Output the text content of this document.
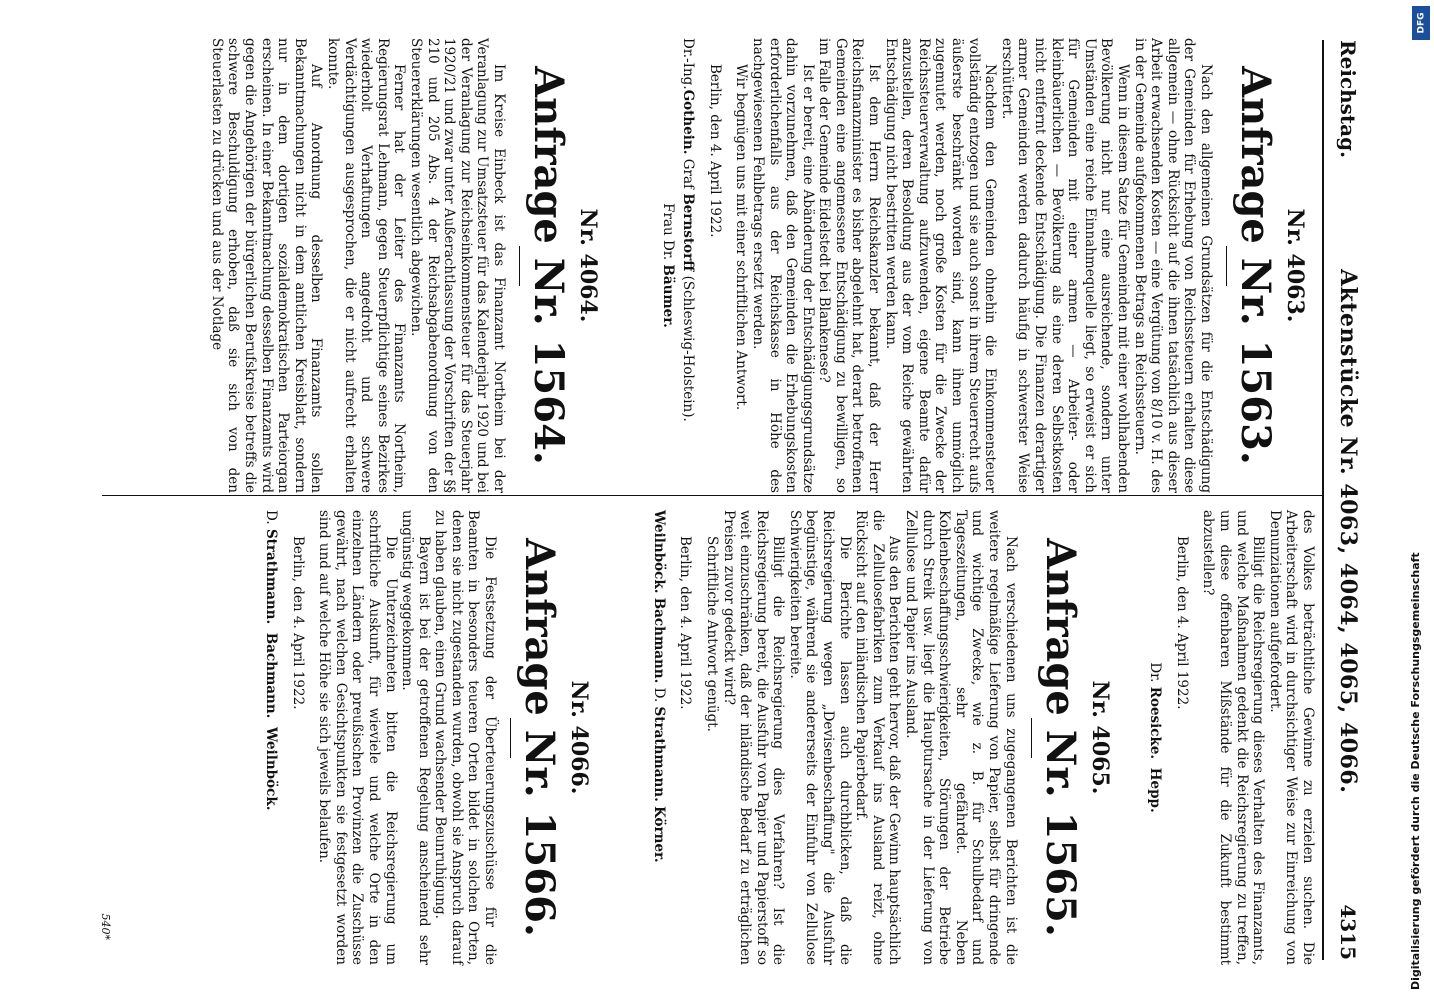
Reichstag.
Aktenstücke Nr. 4063, 4064, 4065, 4066.
4315
Nr. 4063.
Anfrage Nr. 1563.

Nach den allgemeinen Grundsätzen für die Entschädigung der Gemeinden für Erhebung von Reichssteuern erhalten diese allgemein — ohne Rücksicht auf die ihnen tatsächlich aus dieser Arbeit erwachsenden Kosten — eine Vergütung von 8/10 v. H. des in der Gemeinde aufgekommenen Betrags an Reichssteuern.

Wenn in diesem Satze für Gemeinden mit einer wohlhabenden Bevölkerung nicht nur eine ausreichende, sondern unter Umständen eine reiche Einnahmequelle liegt, so erweist er sich für Gemeinden mit einer armen — Arbeiter- oder kleinbäuerlichen — Bevölkerung als eine deren Selbstkosten nicht entfernt deckende Entschädigung. Die Finanzen derartiger armer Gemeinden werden dadurch häufig in schwerster Weise erschüttert.

Nachdem den Gemeinden ohnehin die Einkommensteuer vollständig entzogen und sie auch sonst in ihrem Steuerrecht aufs äußerste beschränkt worden sind, kann ihnen unmöglich zugemutet werden, noch große Kosten für die Zwecke der Reichssteuerverwaltung aufzuwenden, eigene Beamte dafür anzustellen, deren Besoldung aus der vom Reiche gewährten Entschädigung nicht bestritten werden kann.

Ist dem Herrn Reichskanzler bekannt, daß der Herr Reichsfinanzminister es bisher abgelehnt hat, derart betroffenen Gemeinden eine angemessene Entschädigung zu bewilligen, so im Falle der Gemeinde Eidelstedt bei Blankenese?

Ist er bereit, eine Abänderung der Entschädigungsgrundsätze dahin vorzunehmen, daß den Gemeinden die Erhebungskosten erforderlichenfalls aus der Reichskasse in Höhe des nachgewiesenen Fehlbetrags ersetzt werden.

Wir begnügen uns mit einer schriftlichen Antwort.

Berlin, den 4. April 1922.

Dr.-Ing.Gothein. Graf Bernstorff (Schleswig-Holstein).

Frau Dr. Bäumer.

Nr. 4064.
Anfrage Nr. 1564.

Im Kreise Einbeck ist das Finanzamt Northeim bei der Veranlagung zur Umsatzsteuer für das Kalenderjahr 1920 und bei der Veranlagung zur Reichseinkommensteuer für das Steuerjahr 1920/21 und zwar unter Außerachtlassung der Vorschriften der §§ 210 und 205 Abs. 4 der Reichsabgabenordnung von den Steuererklärungen wesentlich abgewichen.

Ferner hat der Leiter des Finanzamts Northeim, Regierungsrat Lehmann, gegen Steuerpflichtige seines Bezirkes wiederholt Verhaftungen angedroht und schwere Verdächtigungen ausgesprochen, die er nicht aufrecht erhalten konnte.

Auf Anordnung desselben Finanzamts sollen Bekanntmachungen nicht in dem amtlichen Kreisblatt, sondern nur in dem dortigen sozialdemokratischen Parteiorgan erscheinen. In einer Bekanntmachung desselben Finanzamts wird gegen die Angehörigen der bürgerlichen Berufskreise betreffs die schwere Beschuldigung erhoben, daß sie sich von den Steuerlasten zu drücken und aus der Notlage

des Volkes beträchtliche Gewinne zu erzielen suchen. Die Arbeiterschaft wird in durchsichtiger Weise zur Einreichung von Denunziationen aufgefordert.

Billigt die Reichsregierung dieses Verhalten des Finanzamts, und welche Maßnahmen gedenkt die Reichsregierung zu treffen, um diese offenbaren Mißstände für die Zukunft bestimmt abzustellen?

Berlin, den 4. April 1922.

Dr. Roesicke.  Hepp.

Nr. 4065.
Anfrage Nr. 1565.

Nach verschiedenen uns zugegangenen Berichten ist die weitere regelmäßige Lieferung von Papier, selbst für dringende und wichtige Zwecke, wie z. B. für Schulbedarf und Tageszeitungen, sehr gefährdet. Neben Kohlenbeschaffungsschwierigkeiten, Störungen der Betriebe durch Streik usw. liegt die Hauptursache in der Lieferung von Zellulose und Papier ins Ausland.

Aus den Berichten geht hervor, daß der Gewinn hauptsächlich die Zellulosefabriken zum Verkauf ins Ausland reizt, ohne Rücksicht auf den inländischen Papierbedarf.

Die Berichte lassen auch durchblicken, daß die Reichsregierung wegen „Devisenbeschaffung" die Ausfuhr begünstige, während sie andererseits der Einfuhr von Zellulose Schwierigkeiten bereite.

Billigt die Reichsregierung dies Verfahren? Ist die Reichsregierung bereit, die Ausfuhr von Papier und Papierstoff so weit einzuschränken, daß der inländische Bedarf zu erträglichen Preisen zuvor gedeckt wird?

Schriftliche Antwort genügt.

Berlin, den 4. April 1922.

Weilnböck. Bachmann. D. Strathmann. Körner.

Nr. 4066.
Anfrage Nr. 1566.

Die Festsetzung der Überteuerungszuschüsse für die Beamten in besonders teueren Orten bildet in solchen Orten, denen sie nicht zugestanden wurden, obwohl sie Anspruch darauf zu haben glauben, einen Grund wachsender Beunruhigung.

Bayern ist bei der getroffenen Regelung anscheinend sehr ungünstig weggekommen.

Die Unterzeichneten bitten die Reichsregierung um schriftliche Auskunft, für wieviele und welche Orte in den einzelnen Ländern oder preußischen Provinzen die Zuschüsse gewährt, nach welchen Gesichtspunkten sie festgesetzt worden sind und auf welche Höhe sie sich jeweils belaufen.

Berlin, den 4. April 1922.

D. Strathmann.  Bachmann.  Weilnböck.

540*
DFG
Digitalisierung gefördert durch die Deutsche Forschungsgemeinschaft
